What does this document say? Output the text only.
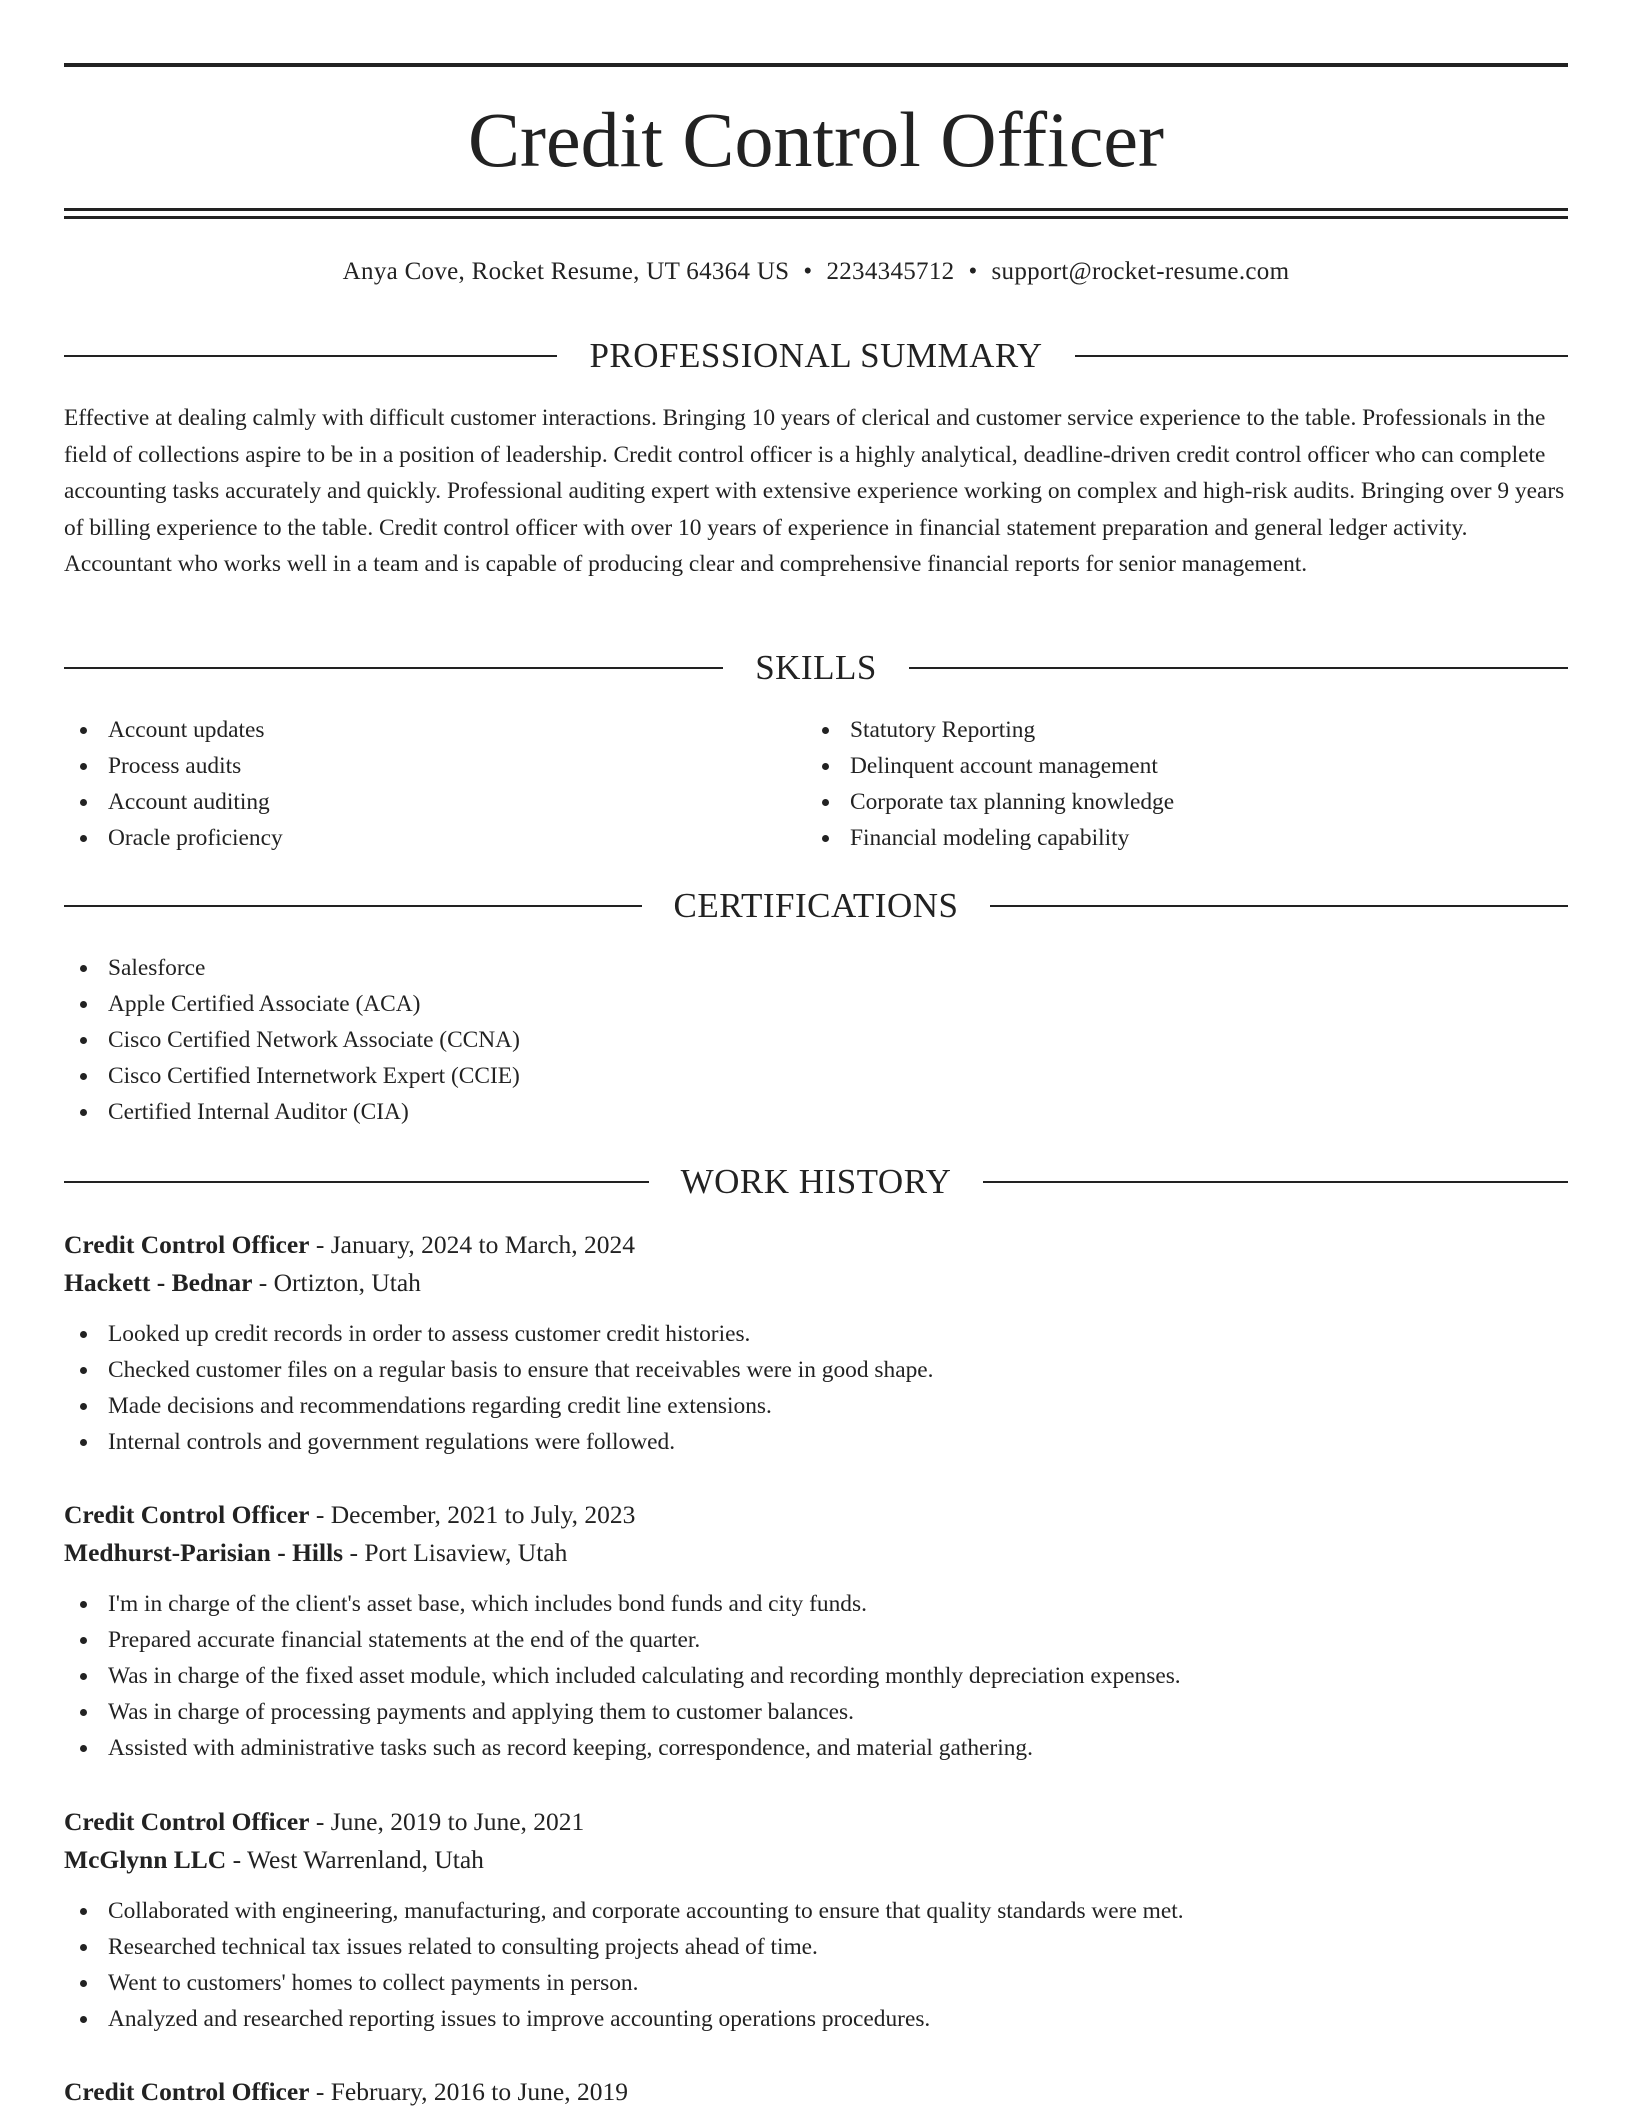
Credit Control Officer
Anya Cove, Rocket Resume, UT 64364 US • 2234345712 • support@rocket-resume.com
PROFESSIONAL SUMMARY

Effective at dealing calmly with difficult customer interactions. Bringing 10 years of clerical and customer service experience to the table. Professionals in the field of collections aspire to be in a position of leadership. Credit control officer is a highly analytical, deadline-driven credit control officer who can complete accounting tasks accurately and quickly. Professional auditing expert with extensive experience working on complex and high-risk audits. Bringing over 9 years of billing experience to the table. Credit control officer with over 10 years of experience in financial statement preparation and general ledger activity. Accountant who works well in a team and is capable of producing clear and comprehensive financial reports for senior management.

SKILLS
Account updates
Process audits
Account auditing
Oracle proficiency
Statutory Reporting
Delinquent account management
Corporate tax planning knowledge
Financial modeling capability
CERTIFICATIONS
Salesforce
Apple Certified Associate (ACA)
Cisco Certified Network Associate (CCNA)
Cisco Certified Internetwork Expert (CCIE)
Certified Internal Auditor (CIA)
WORK HISTORY
Credit Control Officer - January, 2024 to March, 2024
Hackett - Bednar - Ortizton, Utah
Looked up credit records in order to assess customer credit histories.
Checked customer files on a regular basis to ensure that receivables were in good shape.
Made decisions and recommendations regarding credit line extensions.
Internal controls and government regulations were followed.
Credit Control Officer - December, 2021 to July, 2023
Medhurst-Parisian - Hills - Port Lisaview, Utah
I'm in charge of the client's asset base, which includes bond funds and city funds.
Prepared accurate financial statements at the end of the quarter.
Was in charge of the fixed asset module, which included calculating and recording monthly depreciation expenses.
Was in charge of processing payments and applying them to customer balances.
Assisted with administrative tasks such as record keeping, correspondence, and material gathering.
Credit Control Officer - June, 2019 to June, 2021
McGlynn LLC - West Warrenland, Utah
Collaborated with engineering, manufacturing, and corporate accounting to ensure that quality standards were met.
Researched technical tax issues related to consulting projects ahead of time.
Went to customers' homes to collect payments in person.
Analyzed and researched reporting issues to improve accounting operations procedures.
Credit Control Officer - February, 2016 to June, 2019
